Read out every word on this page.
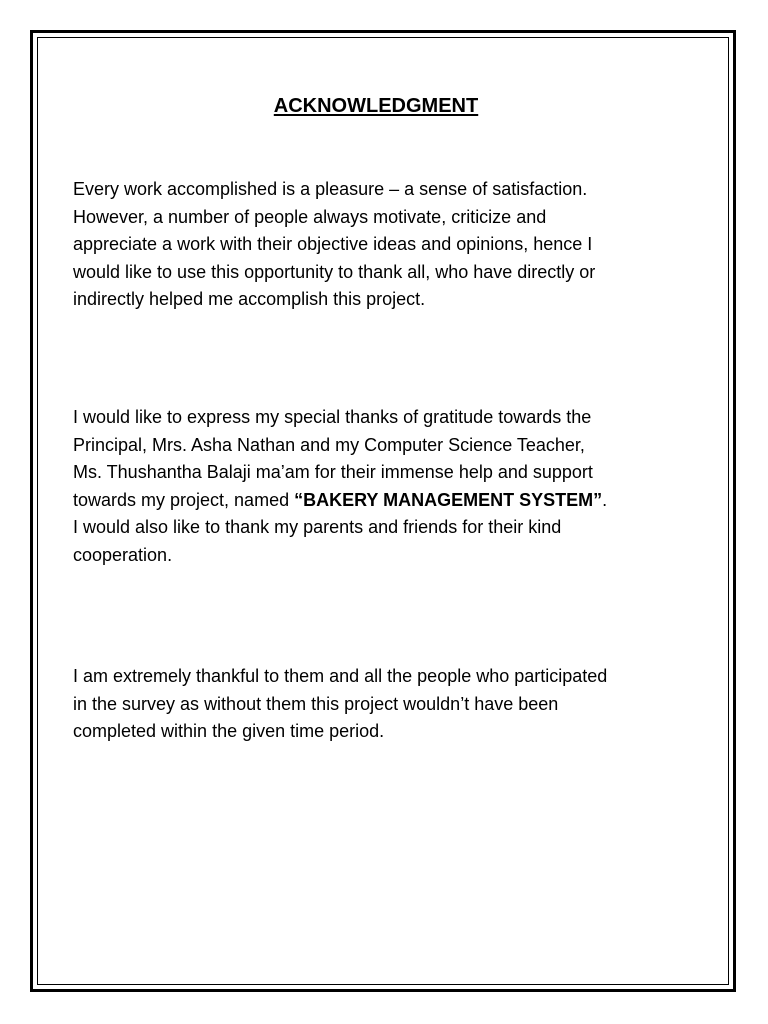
ACKNOWLEDGMENT

Every work accomplished is a pleasure – a sense of satisfaction.
However, a number of people always motivate, criticize and
appreciate a work with their objective ideas and opinions, hence I
would like to use this opportunity to thank all, who have directly or
indirectly helped me accomplish this project.

I would like to express my special thanks of gratitude towards the
Principal, Mrs. Asha Nathan and my Computer Science Teacher,
Ms. Thushantha Balaji ma’am for their immense help and support
towards my project, named “BAKERY MANAGEMENT SYSTEM”.
I would also like to thank my parents and friends for their kind
cooperation.

I am extremely thankful to them and all the people who participated
in the survey as without them this project wouldn’t have been
completed within the given time period.
